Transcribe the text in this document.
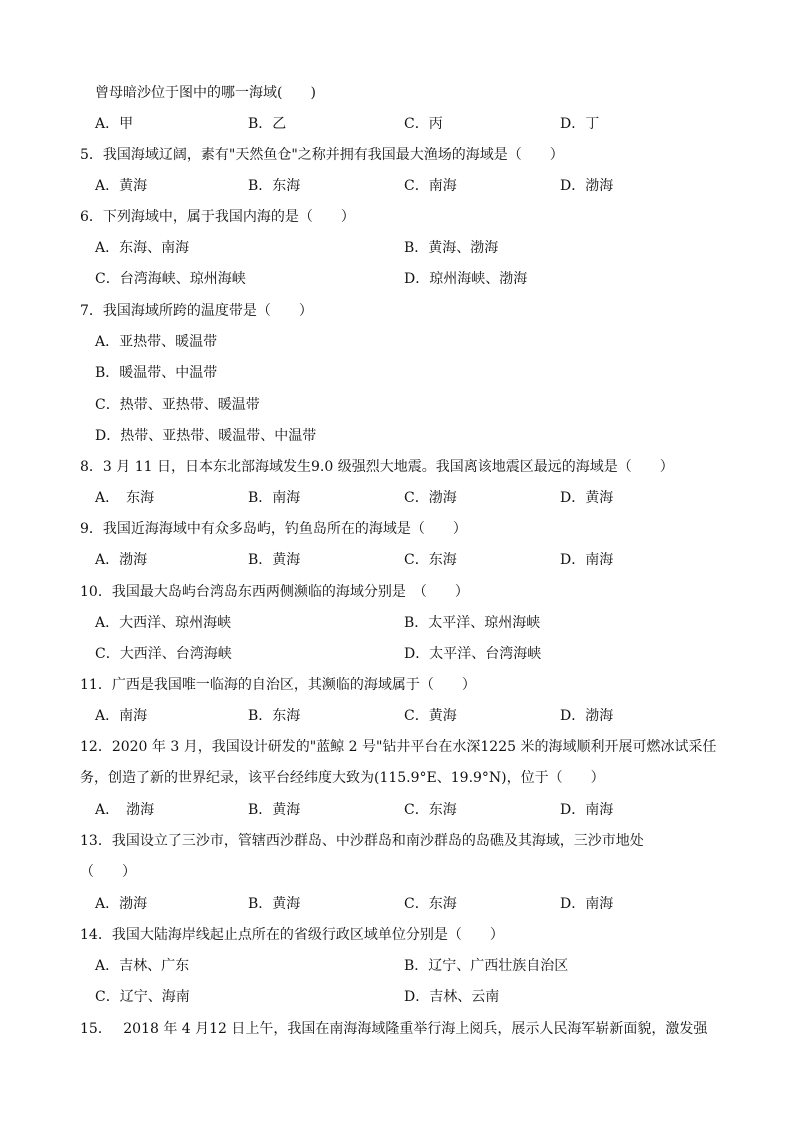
曾母暗沙位于图中的哪一海域(　　)
A．甲	B．乙	C．丙	D．丁
5．我国海域辽阔，素有"天然鱼仓"之称并拥有我国最大渔场的海域是（　　）
A．黄海	B．东海	C．南海	D．渤海
6．下列海域中，属于我国内海的是（　　）
A．东海、南海	B．黄海、渤海
C．台湾海峡、琼州海峡	D．琼州海峡、渤海
7．我国海域所跨的温度带是（　　）
A．亚热带、暖温带
B．暖温带、中温带
C．热带、亚热带、暖温带
D．热带、亚热带、暖温带、中温带
8．3 月 11 日，日本东北部海域发生9.0 级强烈大地震。我国离该地震区最远的海域是（　　）
A．　东海	B．南海	C．渤海	D．黄海
9．我国近海海域中有众多岛屿，钓鱼岛所在的海域是（　　）
A．渤海	B．黄海	C．东海	D．南海
10．我国最大岛屿台湾岛东西两侧濒临的海域分别是　（　　）
A．大西洋、琼州海峡	B．太平洋、琼州海峡
C．大西洋、台湾海峡	D．太平洋、台湾海峡
11．广西是我国唯一临海的自治区，其濒临的海域属于（　　）
A．南海	B．东海	C．黄海	D．渤海
12．2020 年 3 月，我国设计研发的"蓝鲸 2 号"钻井平台在水深1225 米的海域顺利开展可燃冰试采任
务，创造了新的世界纪录，该平台经纬度大致为(115.9°E、19.9°N)，位于（　　）
A．　渤海	B．黄海	C．东海	D．南海
13．我国设立了三沙市，管辖西沙群岛、中沙群岛和南沙群岛的岛礁及其海域，三沙市地处
（　　）
A．渤海	B．黄海	C．东海	D．南海
14．我国大陆海岸线起止点所在的省级行政区域单位分别是（　　）
A．吉林、广东	B．辽宁、广西壮族自治区
C．辽宁、海南	D．吉林、云南
15．　 2018 年 4 月12 日上午，我国在南海海域隆重举行海上阅兵，展示人民海军崭新面貌，激发强
